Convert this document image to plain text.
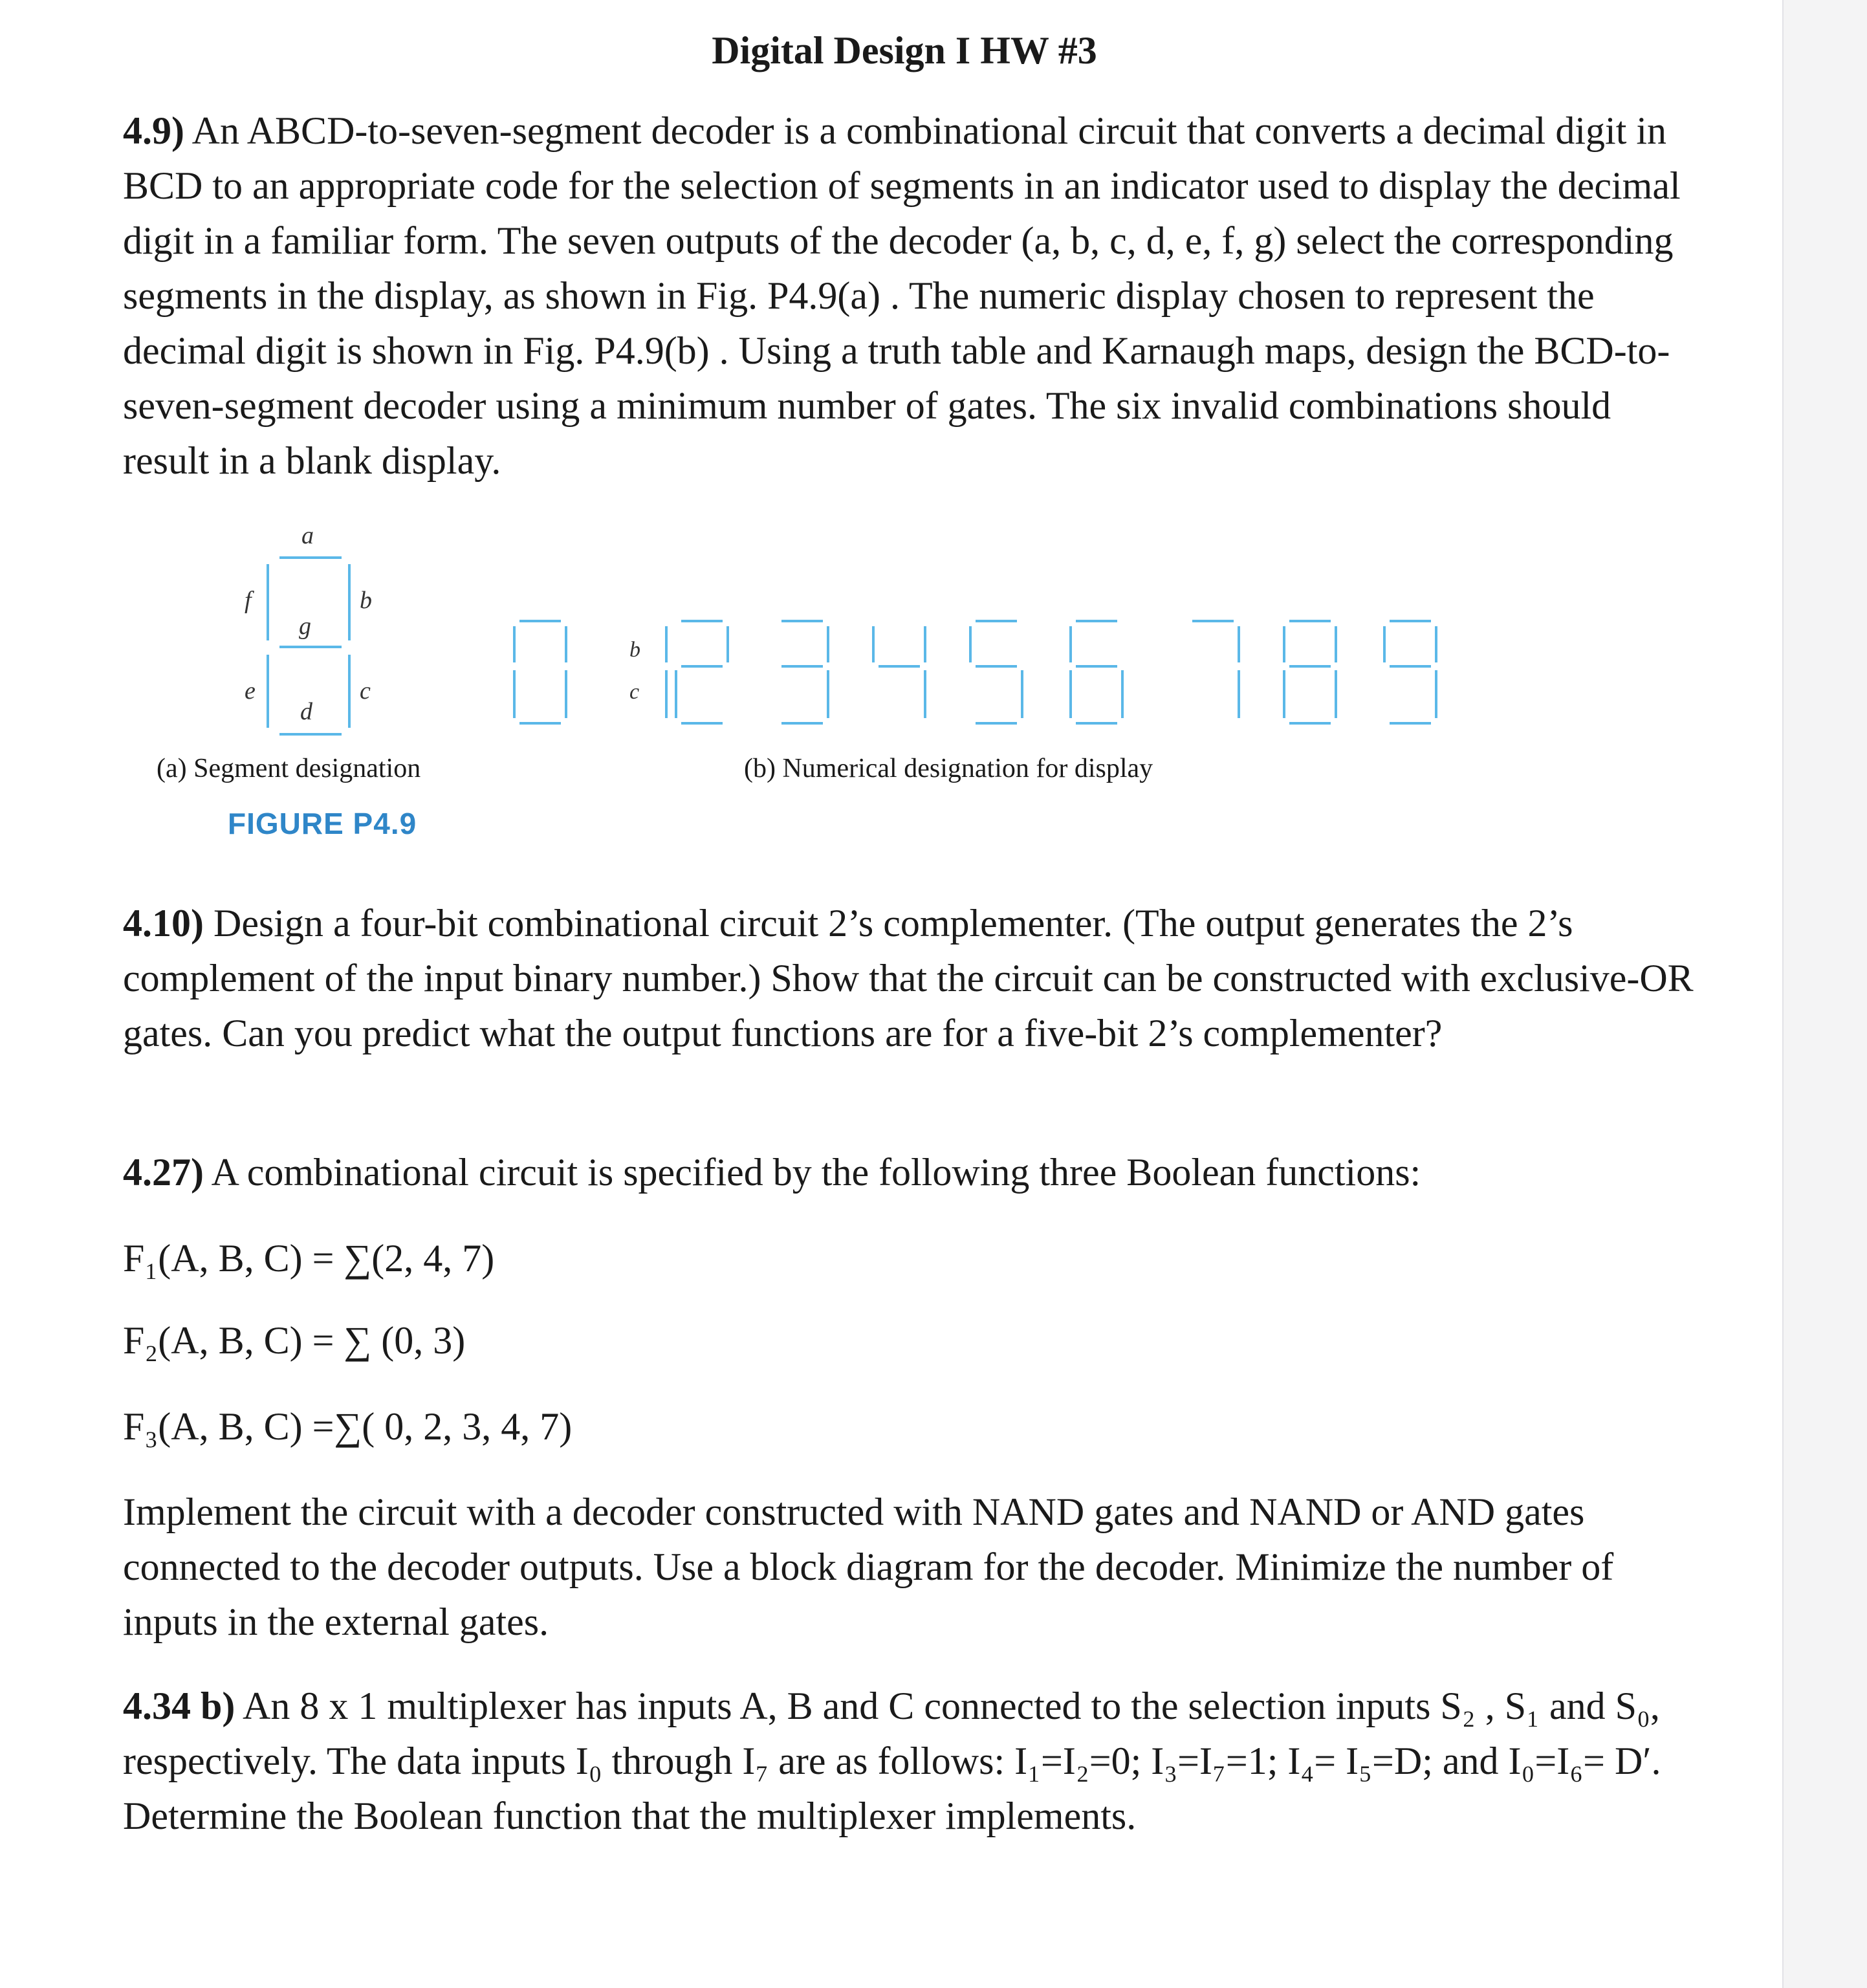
Digital Design I HW #3
4.9) An ABCD-to-seven-segment decoder is a combinational circuit that converts a decimal digit in BCD to an appropriate code for the selection of segments in an indicator used to display the decimal digit in a familiar form. The seven outputs of the decoder (a, b, c, d, e, f, g) select the corresponding segments in the display, as shown in Fig. P4.9(a) . The numeric display chosen to represent the decimal digit is shown in Fig. P4.9(b) . Using a truth table and Karnaugh maps, design the BCD-to-seven-segment decoder using a minimum number of gates. The six invalid combinations should result in a blank display.
a
f	b
g
e	c
d
b
c
(a) Segment designation	(b) Numerical designation for display
FIGURE P4.9
4.10) Design a four-bit combinational circuit 2’s complementer. (The output generates the 2’s complement of the input binary number.) Show that the circuit can be constructed with exclusive-OR gates. Can you predict what the output functions are for a five-bit 2’s complementer?
4.27) A combinational circuit is specified by the following three Boolean functions:
F₁(A, B, C) = ∑(2, 4, 7)
F₂(A, B, C) = ∑ (0, 3)
F₃(A, B, C) =∑( 0, 2, 3, 4, 7)
Implement the circuit with a decoder constructed with NAND gates and NAND or AND gates connected to the decoder outputs. Use a block diagram for the decoder. Minimize the number of inputs in the external gates.
4.34 b) An 8 x 1 multiplexer has inputs A, B and C connected to the selection inputs S₂ , S₁ and S₀, respectively. The data inputs I₀ through I₇ are as follows: I₁=I₂=0; I₃=I₇=1; I₄= I₅=D; and I₀=I₆= D′. Determine the Boolean function that the multiplexer implements.
